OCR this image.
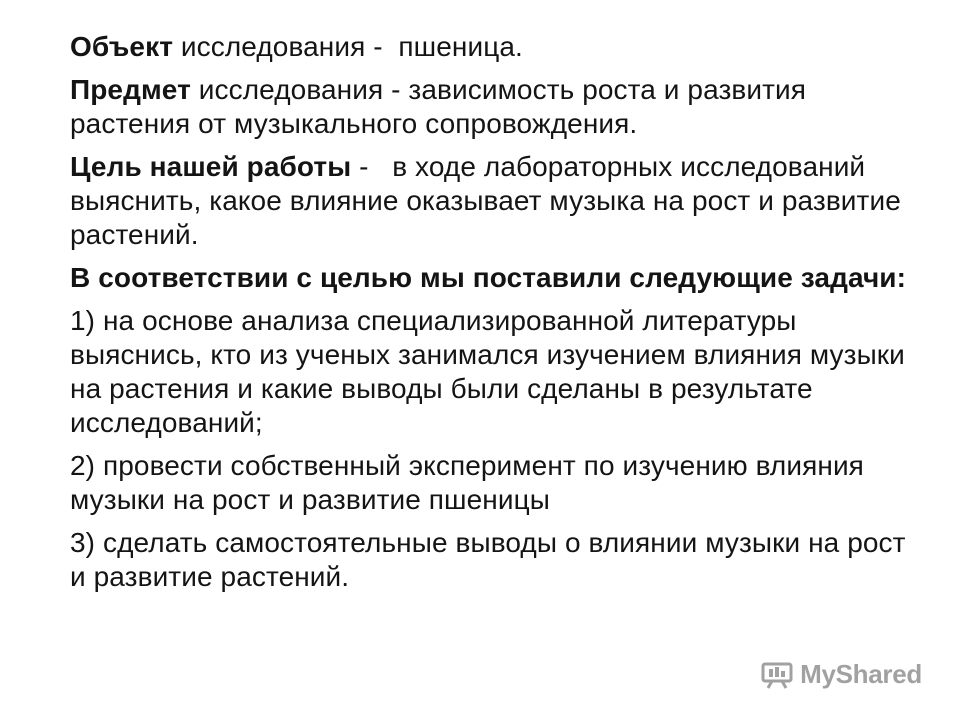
Объект исследования -  пшеница.

Предмет исследования - зависимость роста и развития растения от музыкального сопровождения.

Цель нашей работы -   в ходе лабораторных исследований выяснить, какое влияние оказывает музыка на рост и развитие растений.

В соответствии с целью мы поставили следующие задачи:

1) на основе анализа специализированной литературы выяснись, кто из ученых занимался изучением влияния музыки на растения и какие выводы были сделаны в результате исследований;

2) провести собственный эксперимент по изучению влияния музыки на рост и развитие пшеницы

3) сделать самостоятельные выводы о влиянии музыки на рост и развитие растений.

MyShared
